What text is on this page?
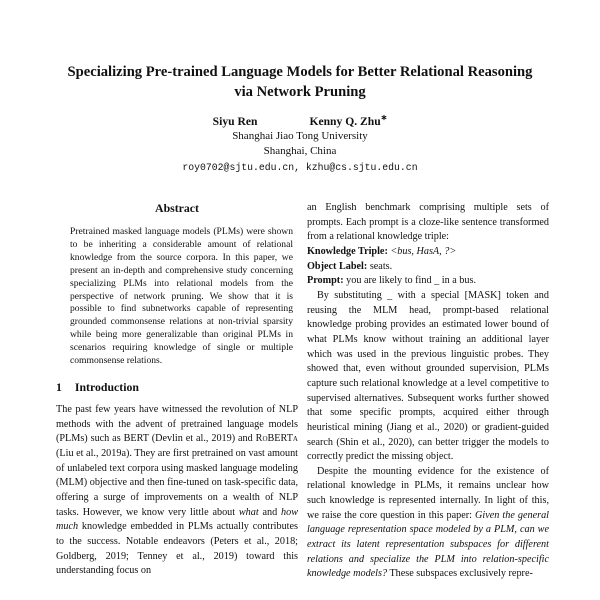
Specializing Pre-trained Language Models for Better Relational Reasoning via Network Pruning
Siyu Ren	Kenny Q. Zhu∗
Shanghai Jiao Tong University
Shanghai, China
roy0702@sjtu.edu.cn, kzhu@cs.sjtu.edu.cn
Abstract
Pretrained masked language models (PLMs) were shown to be inheriting a considerable amount of relational knowledge from the source corpora. In this paper, we present an in-depth and comprehensive study concerning specializing PLMs into relational models from the perspective of network pruning. We show that it is possible to find subnetworks capable of representing grounded commonsense relations at non-trivial sparsity while being more generalizable than original PLMs in scenarios requiring knowledge of single or multiple commonsense relations.
1 Introduction
The past few years have witnessed the revolution of NLP methods with the advent of pretrained language models (PLMs) such as BERT (Devlin et al., 2019) and RoBERTa (Liu et al., 2019a). They are first pretrained on vast amount of unlabeled text corpora using masked language modeling (MLM) objective and then fine-tuned on task-specific data, offering a surge of improvements on a wealth of NLP tasks. However, we know very little about what and how much knowledge embedded in PLMs actually contributes to the success. Notable endeavors (Peters et al., 2018; Goldberg, 2019; Tenney et al., 2019) toward this understanding focus on
an English benchmark comprising multiple sets of prompts. Each prompt is a cloze-like sentence transformed from a relational knowledge triple:
Knowledge Triple: <bus, HasA, ?>
Object Label: seats.
Prompt: you are likely to find _ in a bus.
By substituting _ with a special [MASK] token and reusing the MLM head, prompt-based relational knowledge probing provides an estimated lower bound of what PLMs know without training an additional layer which was used in the previous linguistic probes. They showed that, even without grounded supervision, PLMs capture such relational knowledge at a level competitive to supervised alternatives. Subsequent works further showed that some specific prompts, acquired either through heuristical mining (Jiang et al., 2020) or gradient-guided search (Shin et al., 2020), can better trigger the models to correctly predict the missing object.
Despite the mounting evidence for the existence of relational knowledge in PLMs, it remains unclear how such knowledge is represented internally. In light of this, we raise the core question in this paper: Given the general language representation space modeled by a PLM, can we extract its latent representation subspaces for different relations and specialize the PLM into relation-specific knowledge models? These subspaces exclusively repre-
